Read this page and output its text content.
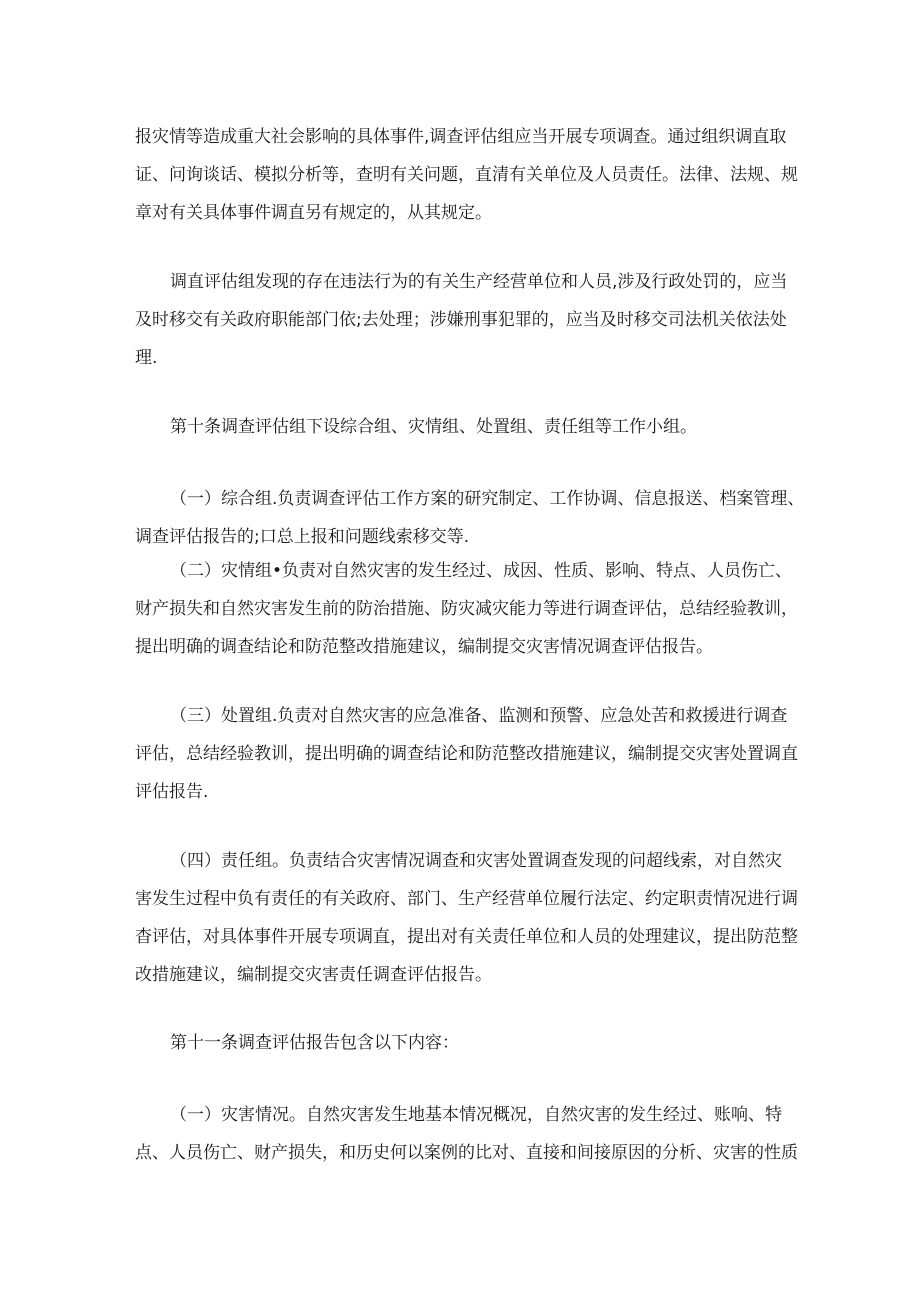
报灾情等造成重大社会影响的具体事件,调查评估组应当开展专项调查。通过组织调直取
证、问询谈话、模拟分析等，查明有关问题，直清有关单位及人员责任。法律、法规、规
章对有关具体事件调直另有规定的，从其规定。

调直评估组发现的存在违法行为的有关生产经营单位和人员,涉及行政处罚的，应当
及时移交有关政府职能部门依;去处理；涉嫌刑事犯罪的，应当及时移交司法机关依法处
理.

第十条调查评估组下设综合组、灾情组、处置组、责任组等工作小组。

（一）综合组.负责调查评估工作方案的研究制定、工作协调、信息报送、档案管理、
调查评估报告的;口总上报和问题线索移交等.

（二）灾情组•负责对自然灾害的发生经过、成因、性质、影响、特点、人员伤亡、
财产损失和自然灾害发生前的防治措施、防灾减灾能力等进行调查评估，总结经验教训，
提出明确的调查结论和防范整改措施建议，编制提交灾害情况调查评估报告。

（三）处置组.负责对自然灾害的应急准备、监测和预警、应急处苦和救援进行调查
评估，总结经验教训，提出明确的调查结论和防范整改措施建议，编制提交灾害处置调直
评估报告.

（四）责任组。负责结合灾害情况调查和灾害处置调查发现的问超线索，对自然灾
害发生过程中负有责任的有关政府、部门、生产经营单位履行法定、约定职责情况进行调
杳评估，对具体事件开展专项调直，提出对有关责任单位和人员的处理建议，提出防范整
改措施建议，编制提交灾害责任调查评估报告。

第十一条调查评估报告包含以下内容：

（一）灾害情况。自然灾害发生地基本情况概况，自然灾害的发生经过、账响、特
点、人员伤亡、财产损失，和历史何以案例的比对、直接和间接原因的分析、灾害的性质
